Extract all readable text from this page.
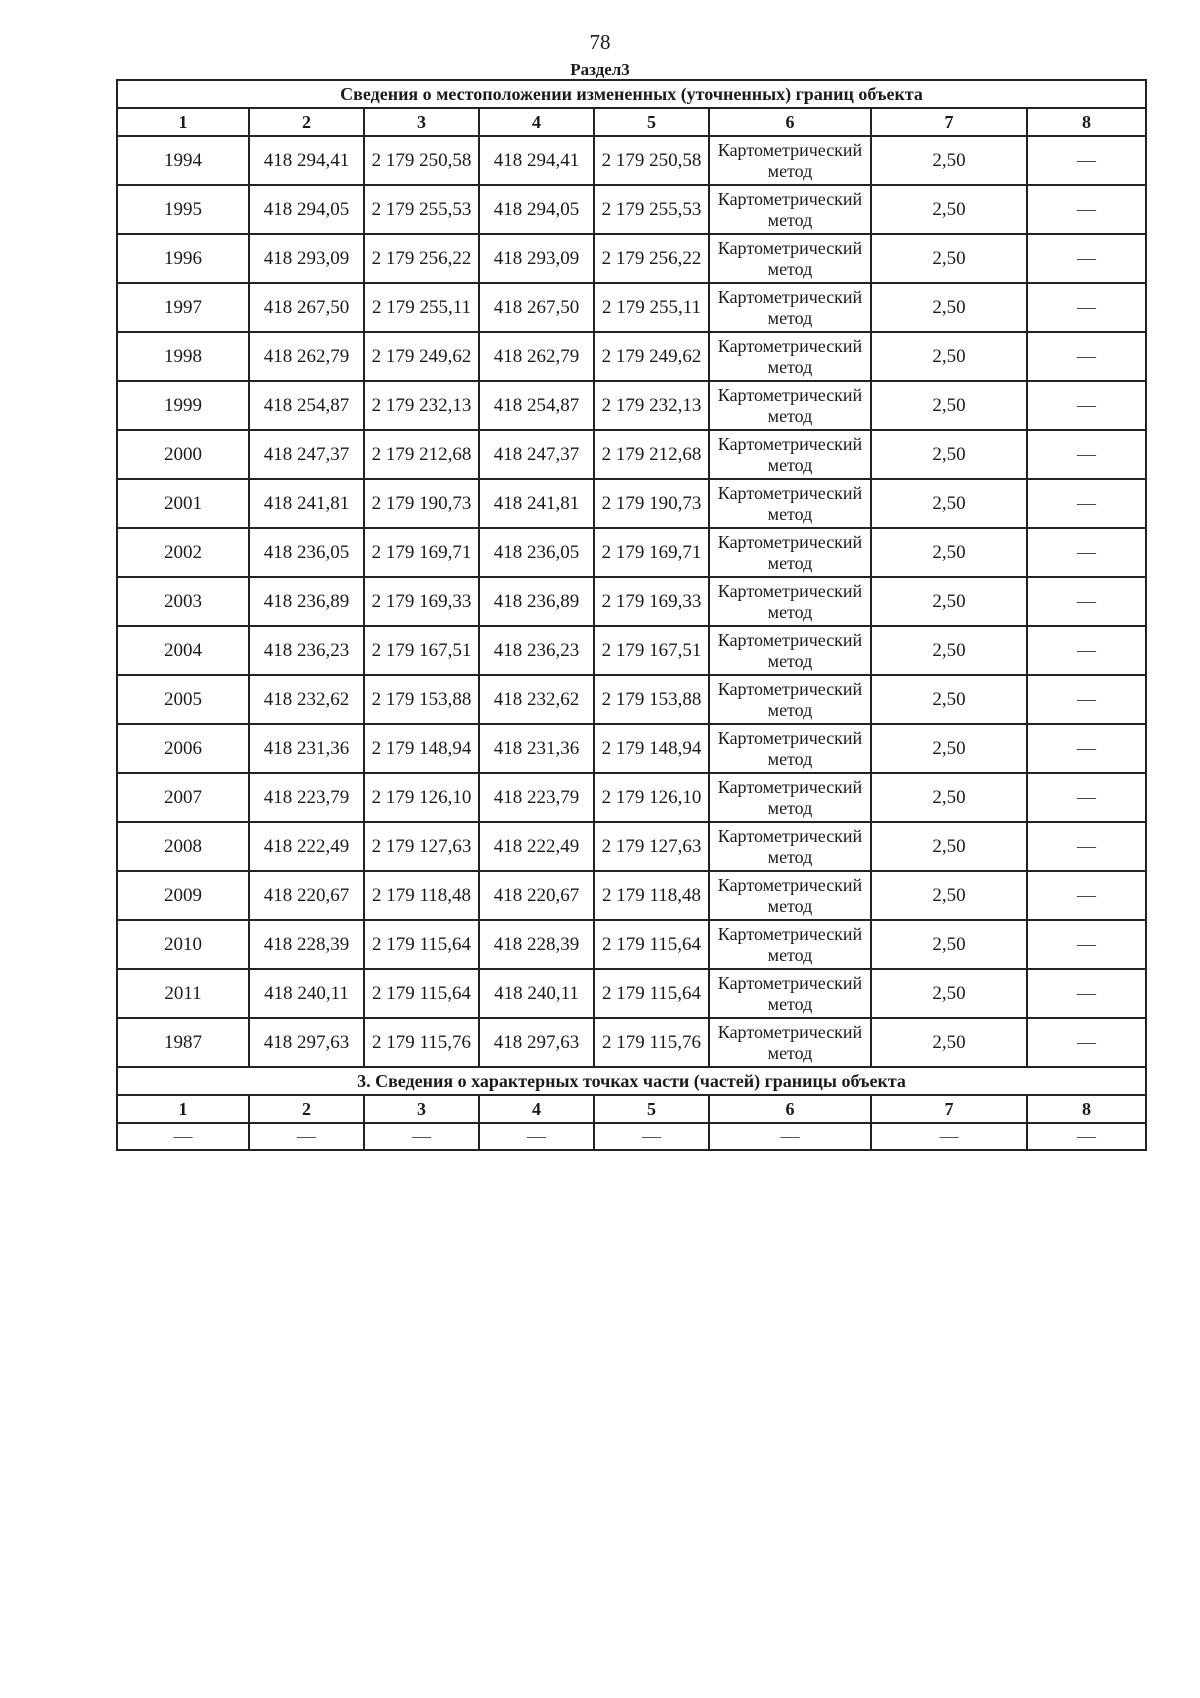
78
Раздел3
Сведения о местоположении измененных (уточненных) границ объекта							
1	2	3	4	5	6	7	8
1994	418 294,41	2 179 250,58	418 294,41	2 179 250,58	Картометрический метод	2,50	—
1995	418 294,05	2 179 255,53	418 294,05	2 179 255,53	Картометрический метод	2,50	—
1996	418 293,09	2 179 256,22	418 293,09	2 179 256,22	Картометрический метод	2,50	—
1997	418 267,50	2 179 255,11	418 267,50	2 179 255,11	Картометрический метод	2,50	—
1998	418 262,79	2 179 249,62	418 262,79	2 179 249,62	Картометрический метод	2,50	—
1999	418 254,87	2 179 232,13	418 254,87	2 179 232,13	Картометрический метод	2,50	—
2000	418 247,37	2 179 212,68	418 247,37	2 179 212,68	Картометрический метод	2,50	—
2001	418 241,81	2 179 190,73	418 241,81	2 179 190,73	Картометрический метод	2,50	—
2002	418 236,05	2 179 169,71	418 236,05	2 179 169,71	Картометрический метод	2,50	—
2003	418 236,89	2 179 169,33	418 236,89	2 179 169,33	Картометрический метод	2,50	—
2004	418 236,23	2 179 167,51	418 236,23	2 179 167,51	Картометрический метод	2,50	—
2005	418 232,62	2 179 153,88	418 232,62	2 179 153,88	Картометрический метод	2,50	—
2006	418 231,36	2 179 148,94	418 231,36	2 179 148,94	Картометрический метод	2,50	—
2007	418 223,79	2 179 126,10	418 223,79	2 179 126,10	Картометрический метод	2,50	—
2008	418 222,49	2 179 127,63	418 222,49	2 179 127,63	Картометрический метод	2,50	—
2009	418 220,67	2 179 118,48	418 220,67	2 179 118,48	Картометрический метод	2,50	—
2010	418 228,39	2 179 115,64	418 228,39	2 179 115,64	Картометрический метод	2,50	—
2011	418 240,11	2 179 115,64	418 240,11	2 179 115,64	Картометрический метод	2,50	—
1987	418 297,63	2 179 115,76	418 297,63	2 179 115,76	Картометрический метод	2,50	—
3. Сведения о характерных точках части (частей) границы объекта							
1	2	3	4	5	6	7	8
—	—	—	—	—	—	—	—
